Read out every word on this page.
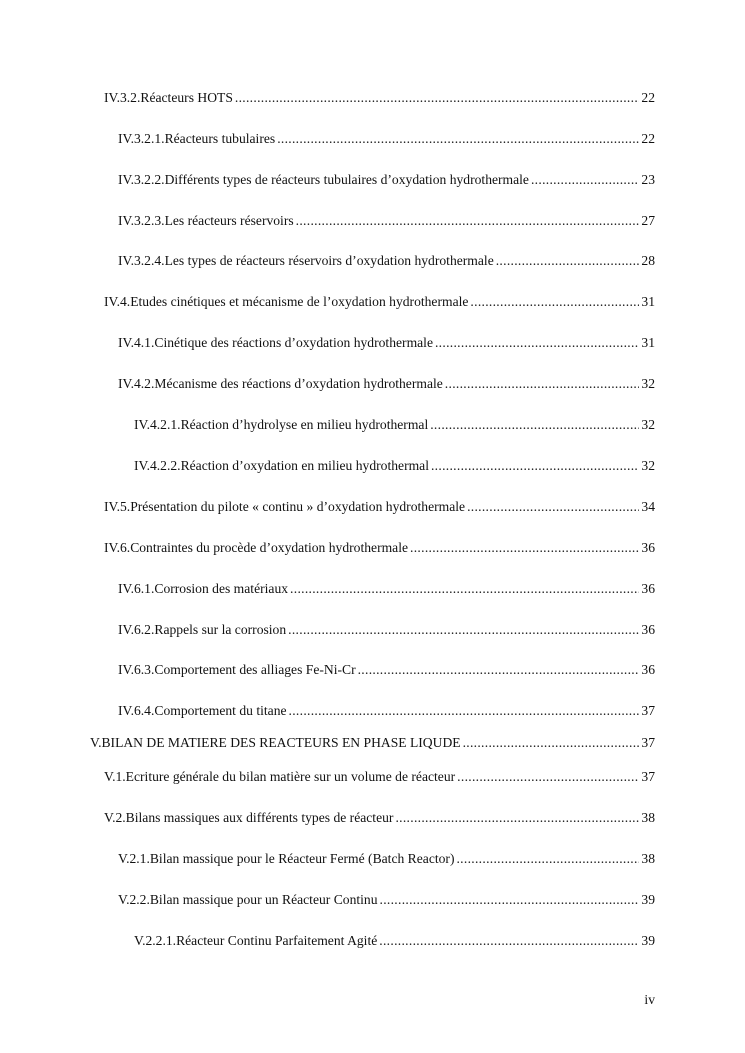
IV.3.2. Réacteurs HOTS .....	22
IV.3.2.1. Réacteurs tubulaires .....	22
IV.3.2.2. Différents types de réacteurs tubulaires d’oxydation hydrothermale .....	23
IV.3.2.3. Les réacteurs réservoirs .....	27
IV.3.2.4. Les types de réacteurs réservoirs d’oxydation hydrothermale .....	28
IV.4. Etudes cinétiques et mécanisme de l’oxydation hydrothermale .....	31
IV.4.1. Cinétique des réactions d’oxydation hydrothermale .....	31
IV.4.2. Mécanisme des réactions d’oxydation hydrothermale .....	32
IV.4.2.1. Réaction d’hydrolyse en milieu hydrothermal .....	32
IV.4.2.2. Réaction d’oxydation en milieu hydrothermal .....	32
IV.5. Présentation du pilote « continu » d’oxydation hydrothermale .....	34
IV.6. Contraintes du procède d’oxydation hydrothermale .....	36
IV.6.1. Corrosion des matériaux .....	36
IV.6.2. Rappels sur la corrosion .....	36
IV.6.3. Comportement des alliages Fe-Ni-Cr .....	36
IV.6.4. Comportement du titane .....	37
V. BILAN DE MATIERE DES REACTEURS EN PHASE LIQUDE .....	37
V.1. Ecriture générale du bilan matière sur un volume de réacteur .....	37
V.2. Bilans massiques aux différents types de réacteur .....	38
V.2.1. Bilan massique pour le Réacteur Fermé (Batch Reactor) .....	38
V.2.2. Bilan massique pour un Réacteur Continu .....	39
V.2.2.1. Réacteur Continu Parfaitement Agité .....	39
iv
